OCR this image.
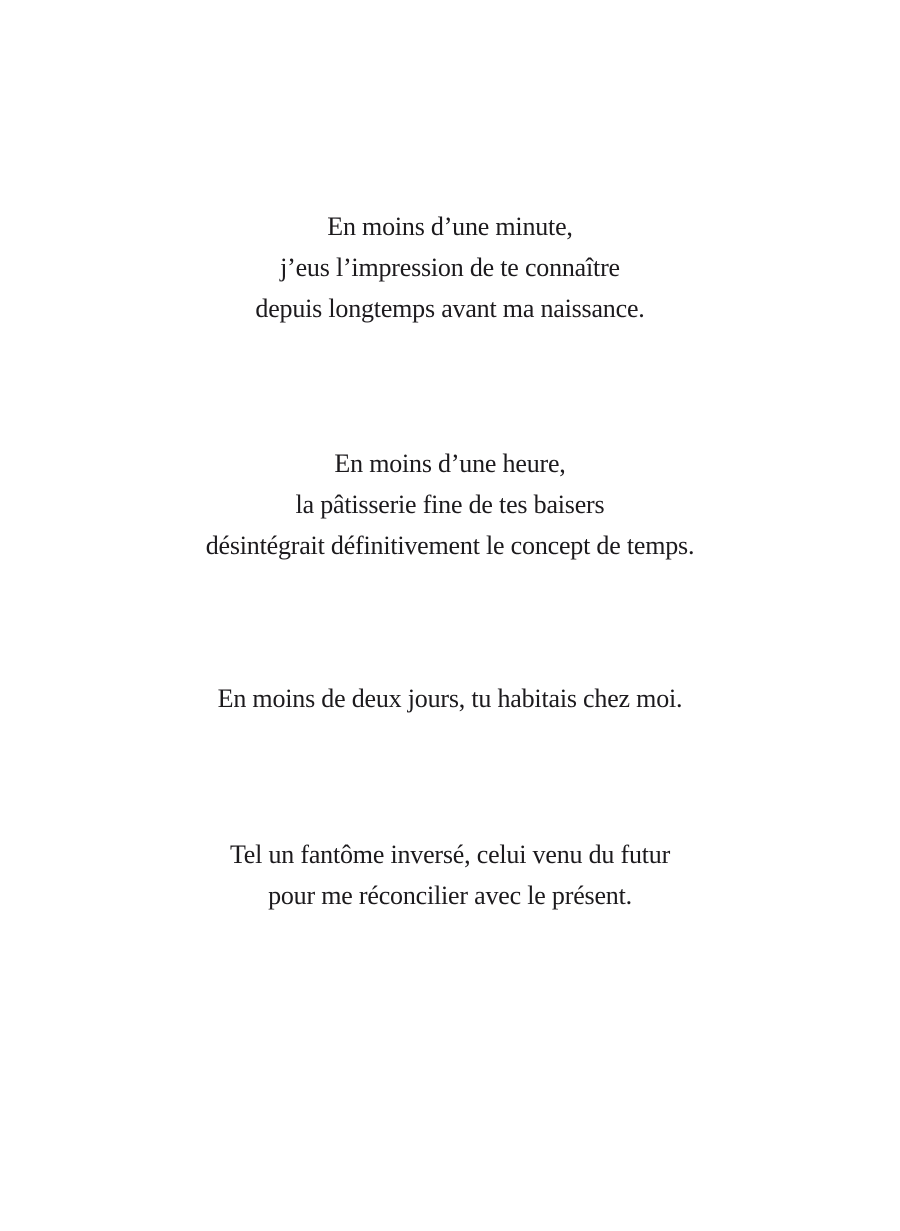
En moins d’une minute,
j’eus l’impression de te connaître
depuis longtemps avant ma naissance.
En moins d’une heure,
la pâtisserie fine de tes baisers
désintégrait définitivement le concept de temps.
En moins de deux jours, tu habitais chez moi.
Tel un fantôme inversé, celui venu du futur
pour me réconcilier avec le présent.
